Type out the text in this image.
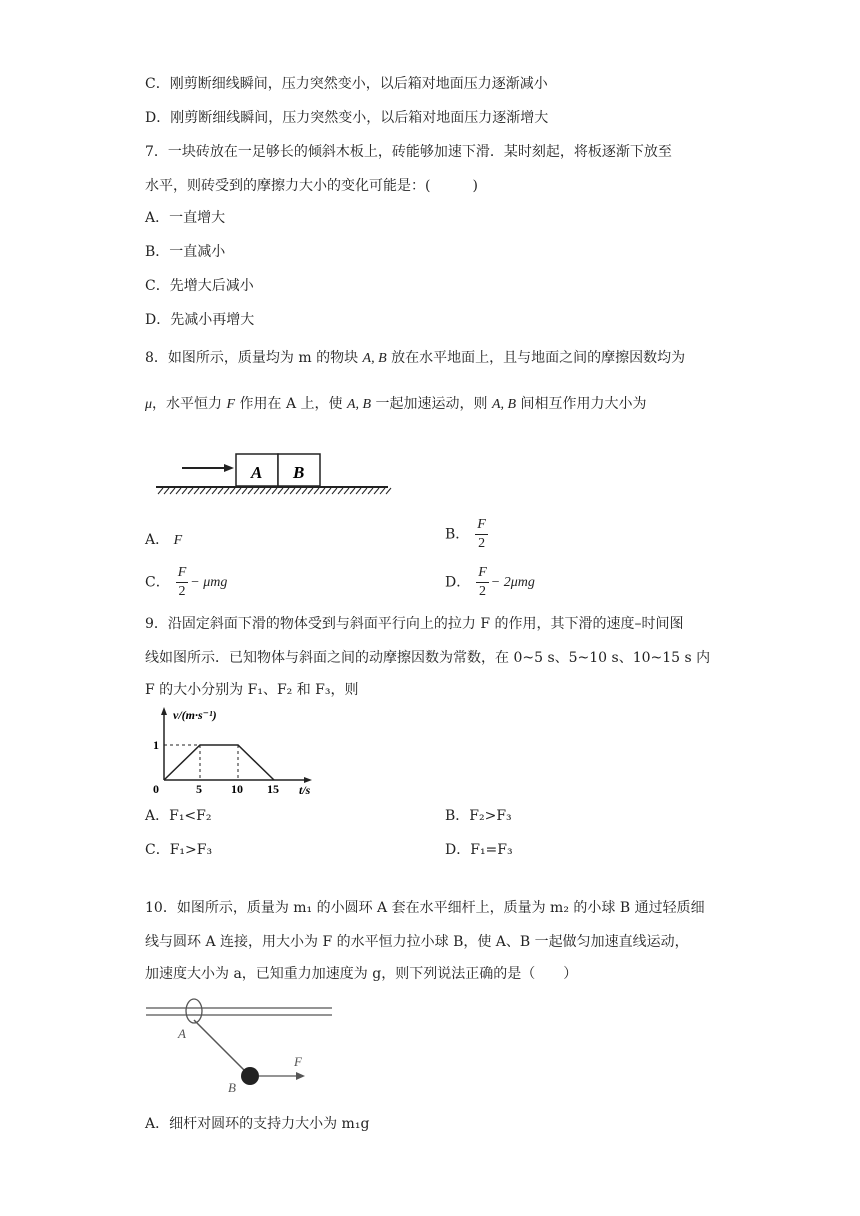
C．刚剪断细线瞬间，压力突然变小，以后箱对地面压力逐渐减小
D．刚剪断细线瞬间，压力突然变小，以后箱对地面压力逐渐增大
7．一块砖放在一足够长的倾斜木板上，砖能够加速下滑．某时刻起，将板逐渐下放至
水平，则砖受到的摩擦力大小的变化可能是：(　　　)
A．一直增大
B．一直减小
C．先增大后减小
D．先减小再增大
8．如图所示，质量均为 m 的物块 A, B 放在水平地面上，且与地面之间的摩擦因数均为
μ，水平恒力 F 作用在 A 上，使 A, B 一起加速运动，则 A, B 间相互作用力大小为
A B
A． F	B． $\frac{F}{2}$
C． $\frac{F}{2} - \mu mg$	D． $\frac{F}{2} - 2\mu mg$
9．沿固定斜面下滑的物体受到与斜面平行向上的拉力 F 的作用，其下滑的速度–时间图
线如图所示．已知物体与斜面之间的动摩擦因数为常数，在 0~5 s、5~10 s、10~15 s 内
F 的大小分别为 F₁、F₂ 和 F₃，则
v/(m·s⁻¹)
1
0	5 10 15 t/s
A．F₁<F₂	B．F₂>F₃
C．F₁>F₃	D．F₁=F₃
10．如图所示，质量为 m₁ 的小圆环 A 套在水平细杆上，质量为 m₂ 的小球 B 通过轻质细
线与圆环 A 连接，用大小为 F 的水平恒力拉小球 B，使 A、B 一起做匀加速直线运动，
加速度大小为 a，已知重力加速度为 g，则下列说法正确的是（　　）
A
B
F
A．细杆对圆环的支持力大小为 m₁g
